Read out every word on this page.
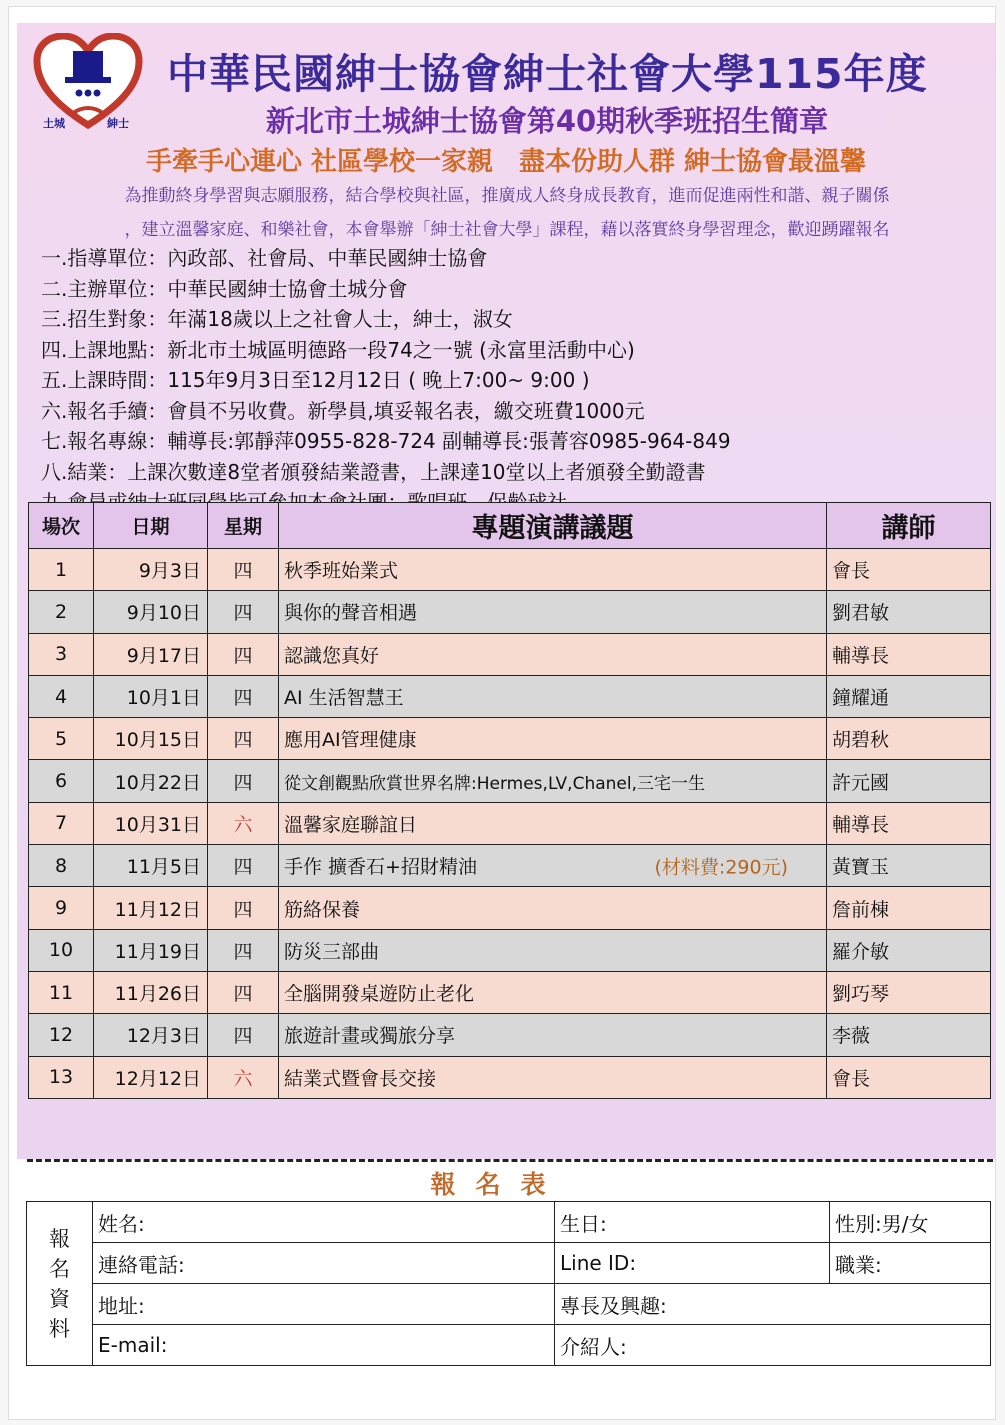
土城	紳士
中華民國紳士協會紳士社會大學115年度
新北市土城紳士協會第40期秋季班招生簡章
手牽手心連心 社區學校一家親　盡本份助人群 紳士協會最溫馨
為推動終身學習與志願服務，結合學校與社區，推廣成人終身成長教育，進而促進兩性和諧、親子關係
，建立溫馨家庭、和樂社會，本會舉辦「紳士社會大學」課程，藉以落實終身學習理念，歡迎踴躍報名
一.指導單位：內政部、社會局、中華民國紳士協會
二.主辦單位：中華民國紳士協會土城分會
三.招生對象：年滿18歲以上之社會人士，紳士，淑女
四.上課地點：新北市土城區明德路一段74之一號 (永富里活動中心)
五.上課時間：115年9月3日至12月12日 ( 晚上7:00~ 9:00 )
六.報名手續：會員不另收費。新學員,填妥報名表，繳交班費1000元
七.報名專線：輔導長:郭靜萍0955-828-724 副輔導長:張菁容0985-964-849
八.結業：上課次數達8堂者頒發結業證書，上課達10堂以上者頒發全勤證書
九.會員或紳大班同學皆可參加本會社團：歌唱班、保齡球社
場次	日期	星期	專題演講議題	講師
1	9月3日	四	秋季班始業式	會長
2	9月10日	四	與你的聲音相遇	劉君敏
3	9月17日	四	認識您真好	輔導長
4	10月1日	四	AI 生活智慧王	鐘耀通
5	10月15日	四	應用AI管理健康	胡碧秋
6	10月22日	四	從文創觀點欣賞世界名牌:Hermes,LV,Chanel,三宅一生	許元國
7	10月31日	六	溫馨家庭聯誼日	輔導長
8	11月5日	四	手作 擴香石+招財精油 (材料費:290元)	黃寶玉
9	11月12日	四	筋絡保養	詹前棟
10	11月19日	四	防災三部曲	羅介敏
11	11月26日	四	全腦開發桌遊防止老化	劉巧琴
12	12月3日	四	旅遊計畫或獨旅分享	李薇
13	12月12日	六	結業式暨會長交接	會長
報名表
報
名
資
料	姓名:	生日:	性別:男/女
	連絡電話:	Line ID:	職業:
	地址:	專長及興趣:	
	E-mail:	介紹人:	
